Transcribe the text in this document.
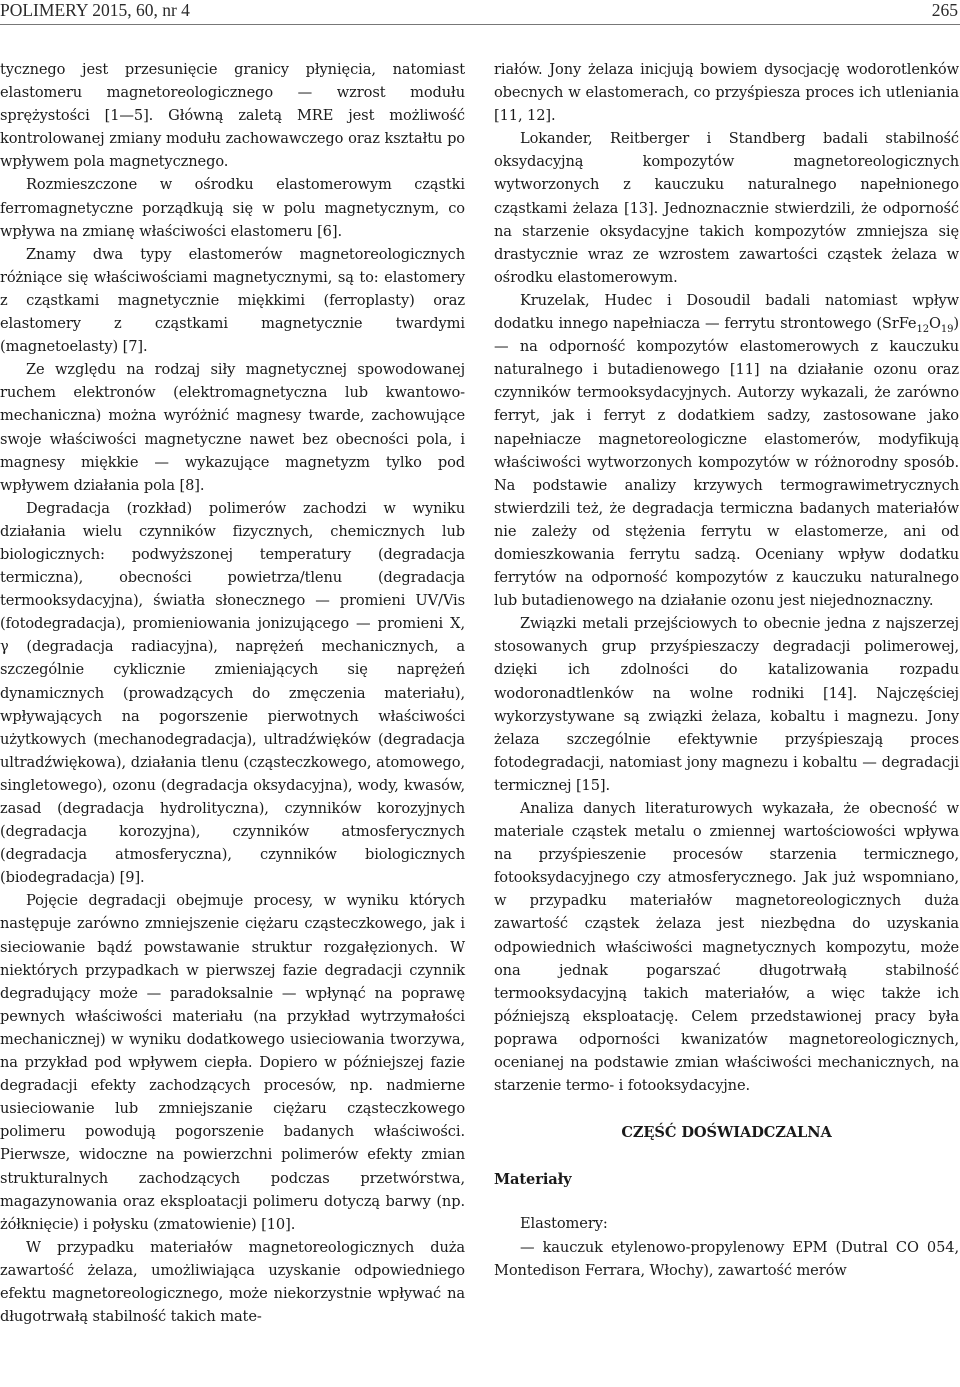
POLIMERY 2015, 60, nr 4	265

tycznego jest przesunięcie granicy płynięcia, natomiast elastomeru magnetoreologicznego — wzrost modułu sprężystości [1—5]. Główną zaletą MRE jest możliwość kontrolowanej zmiany modułu zachowawczego oraz kształtu po wpływem pola magnetycznego.

Rozmieszczone w ośrodku elastomerowym cząstki ferromagnetyczne porządkują się w polu magnetycznym, co wpływa na zmianę właściwości elastomeru [6].

Znamy dwa typy elastomerów magnetoreologicznych różniące się właściwościami magnetycznymi, są to: elastomery z cząstkami magnetycznie miękkimi (ferroplasty) oraz elastomery z cząstkami magnetycznie twardymi (magnetoelasty) [7].

Ze względu na rodzaj siły magnetycznej spowodowanej ruchem elektronów (elektromagnetyczna lub kwantowo-mechaniczna) można wyróżnić magnesy twarde, zachowujące swoje właściwości magnetyczne nawet bez obecności pola, i magnesy miękkie — wykazujące magnetyzm tylko pod wpływem działania pola [8].

Degradacja (rozkład) polimerów zachodzi w wyniku działania wielu czynników fizycznych, chemicznych lub biologicznych: podwyższonej temperatury (degradacja termiczna), obecności powietrza/tlenu (degradacja termooksydacyjna), światła słonecznego — promieni UV/Vis (fotodegradacja), promieniowania jonizującego — promieni X, γ (degradacja radiacyjna), naprężeń mechanicznych, a szczególnie cyklicznie zmieniających się naprężeń dynamicznych (prowadzących do zmęczenia materiału), wpływających na pogorszenie pierwotnych właściwości użytkowych (mechanodegradacja), ultradźwięków (degradacja ultradźwiękowa), działania tlenu (cząsteczkowego, atomowego, singletowego), ozonu (degradacja oksydacyjna), wody, kwasów, zasad (degradacja hydrolityczna), czynników korozyjnych (degradacja korozyjna), czynników atmosferycznych (degradacja atmosferyczna), czynników biologicznych (biodegradacja) [9].

Pojęcie degradacji obejmuje procesy, w wyniku których następuje zarówno zmniejszenie ciężaru cząsteczkowego, jak i sieciowanie bądź powstawanie struktur rozgałęzionych. W niektórych przypadkach w pierwszej fazie degradacji czynnik degradujący może — paradoksalnie — wpłynąć na poprawę pewnych właściwości materiału (na przykład wytrzymałości mechanicznej) w wyniku dodatkowego usieciowania tworzywa, na przykład pod wpływem ciepła. Dopiero w późniejszej fazie degradacji efekty zachodzących procesów, np. nadmierne usieciowanie lub zmniejszanie ciężaru cząsteczkowego polimeru powodują pogorszenie badanych właściwości. Pierwsze, widoczne na powierzchni polimerów efekty zmian strukturalnych zachodzących podczas przetwórstwa, magazynowania oraz eksploatacji polimeru dotyczą barwy (np. żółknięcie) i połysku (zmatowienie) [10].

W przypadku materiałów magnetoreologicznych duża zawartość żelaza, umożliwiająca uzyskanie odpowiedniego efektu magnetoreologicznego, może niekorzystnie wpływać na długotrwałą stabilność takich mate-

riałów. Jony żelaza inicjują bowiem dysocjację wodorotlenków obecnych w elastomerach, co przyśpiesza proces ich utleniania [11, 12].

Lokander, Reitberger i Standberg badali stabilność oksydacyjną kompozytów magnetoreologicznych wytworzonych z kauczuku naturalnego napełnionego cząstkami żelaza [13]. Jednoznacznie stwierdzili, że odporność na starzenie oksydacyjne takich kompozytów zmniejsza się drastycznie wraz ze wzrostem zawartości cząstek żelaza w ośrodku elastomerowym.

Kruzelak, Hudec i Dosoudil badali natomiast wpływ dodatku innego napełniacza — ferrytu strontowego $(SrFe_{12}O_{19})$ — na odporność kompozytów elastomerowych z kauczuku naturalnego i butadienowego [11] na działanie ozonu oraz czynników termooksydacyjnych. Autorzy wykazali, że zarówno ferryt, jak i ferryt z dodatkiem sadzy, zastosowane jako napełniacze magnetoreologiczne elastomerów, modyfikują właściwości wytworzonych kompozytów w różnorodny sposób. Na podstawie analizy krzywych termograwimetrycznych stwierdzili też, że degradacja termiczna badanych materiałów nie zależy od stężenia ferrytu w elastomerze, ani od domieszkowania ferrytu sadzą. Oceniany wpływ dodatku ferrytów na odporność kompozytów z kauczuku naturalnego lub butadienowego na działanie ozonu jest niejednoznaczny.

Związki metali przejściowych to obecnie jedna z najszerzej stosowanych grup przyśpieszaczy degradacji polimerowej, dzięki ich zdolności do katalizowania rozpadu wodoronadtlenków na wolne rodniki [14]. Najczęściej wykorzystywane są związki żelaza, kobaltu i magnezu. Jony żelaza szczególnie efektywnie przyśpieszają proces fotodegradacji, natomiast jony magnezu i kobaltu — degradacji termicznej [15].

Analiza danych literaturowych wykazała, że obecność w materiale cząstek metalu o zmiennej wartościowości wpływa na przyśpieszenie procesów starzenia termicznego, fotooksydacyjnego czy atmosferycznego. Jak już wspomniano, w przypadku materiałów magnetoreologicznych duża zawartość cząstek żelaza jest niezbędna do uzyskania odpowiednich właściwości magnetycznych kompozytu, może ona jednak pogarszać długotrwałą stabilność termooksydacyjną takich materiałów, a więc także ich późniejszą eksploatację. Celem przedstawionej pracy była poprawa odporności kwanizatów magnetoreologicznych, ocenianej na podstawie zmian właściwości mechanicznych, na starzenie termo- i fotooksydacyjne.

CZĘŚĆ DOŚWIADCZALNA

Materiały

Elastomery:

— kauczuk etylenowo-propylenowy EPM (Dutral CO 054, Montedison Ferrara, Włochy), zawartość merów
